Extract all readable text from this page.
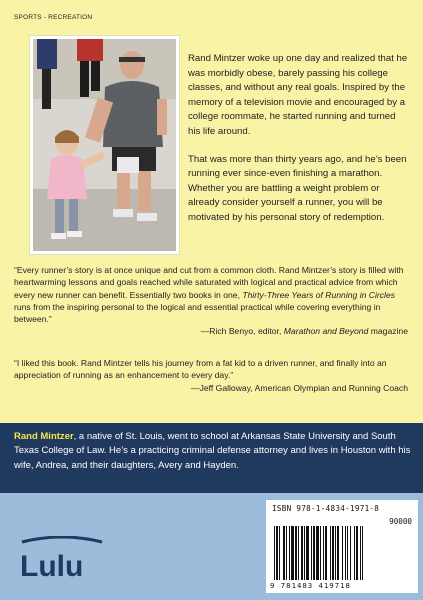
SPORTS - RECREATION

Rand Mintzer woke up one day and realized that he was morbidly obese, barely passing his college classes, and without any real goals. Inspired by the memory of a television movie and encouraged by a college roommate, he started running and turned his life around.

That was more than thirty years ago, and he’s been running ever since-even finishing a marathon. Whether you are battling a weight problem or already consider yourself a runner, you will be motivated by his personal story of redemption.

“Every runner’s story is at once unique and cut from a common cloth. Rand Mintzer’s story is filled with heartwarming lessons and goals reached while saturated with logical and practical advice from which every new runner can benefit. Essentially two books in one, Thirty-Three Years of Running in Circles runs from the inspiring personal to the logical and essential practical while covering everything in between.”
—Rich Benyo, editor, Marathon and Beyond magazine
“I liked this book. Rand Mintzer tells his journey from a fat kid to a driven runner, and finally into an appreciation of running as an enhancement to every day.”
—Jeff Galloway, American Olympian and Running Coach
Rand Mintzer, a native of St. Louis, went to school at Arkansas State University and South Texas College of Law. He’s a practicing criminal defense attorney and lives in Houston with his wife, Andrea, and their daughters, Avery and Hayden.
Lulu
ISBN 978-1-4834-1971-8
90000
9 781483 419718
